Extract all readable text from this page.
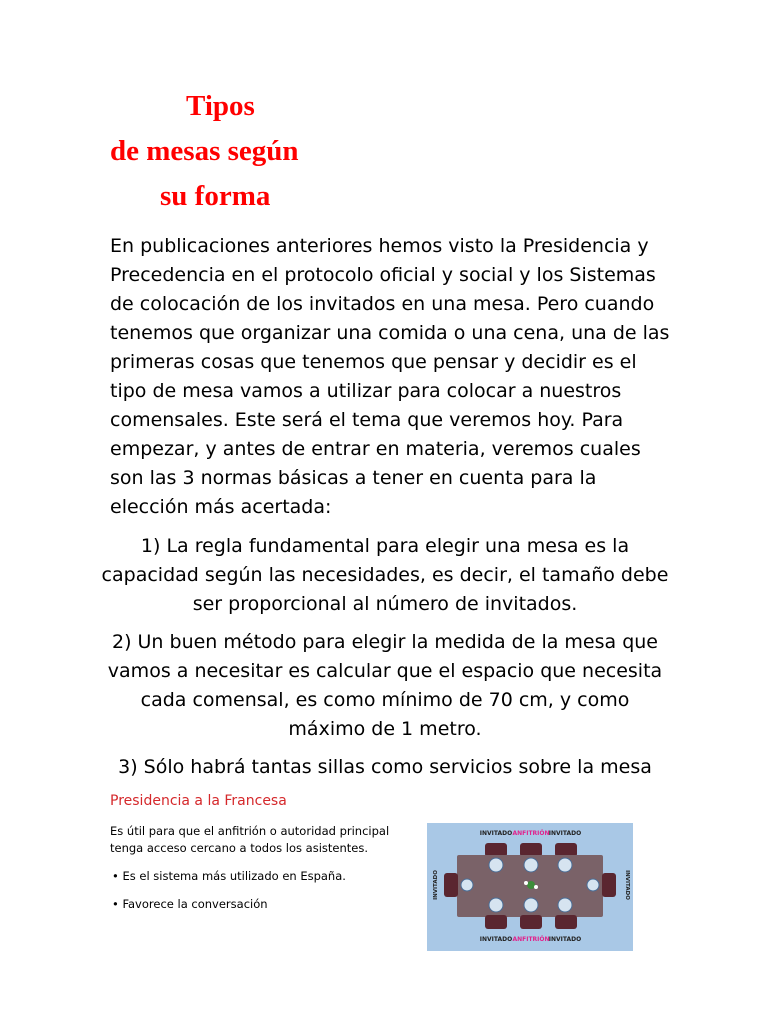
Tipos
de mesas según
su forma
En publicaciones anteriores hemos visto la Presidencia y Precedencia en el protocolo oficial y social y los Sistemas de colocación de los invitados en una mesa. Pero cuando tenemos que organizar una comida o una cena, una de las primeras cosas que tenemos que pensar y decidir es el tipo de mesa vamos a utilizar para colocar a nuestros comensales. Este será el tema que veremos hoy. Para empezar, y antes de entrar en materia, veremos cuales son las 3 normas básicas a tener en cuenta para la elección más acertada:
1) La regla fundamental para elegir una mesa es la capacidad según las necesidades, es decir, el tamaño debe ser proporcional al número de invitados.
2) Un buen método para elegir la medida de la mesa que vamos a necesitar es calcular que el espacio que necesita cada comensal, es como mínimo de 70 cm, y como máximo de 1 metro.
3) Sólo habrá tantas sillas como servicios sobre la mesa
Presidencia a la Francesa
Es útil para que el anfitrión o autoridad principal tenga acceso cercano a todos los asistentes.
• Es el sistema más utilizado en España.
• Favorece la conversación
INVITADO ANFITRIÓN INVITADO
INVITADO	INVITADO
INVITADO ANFITRIÓN INVITADO
